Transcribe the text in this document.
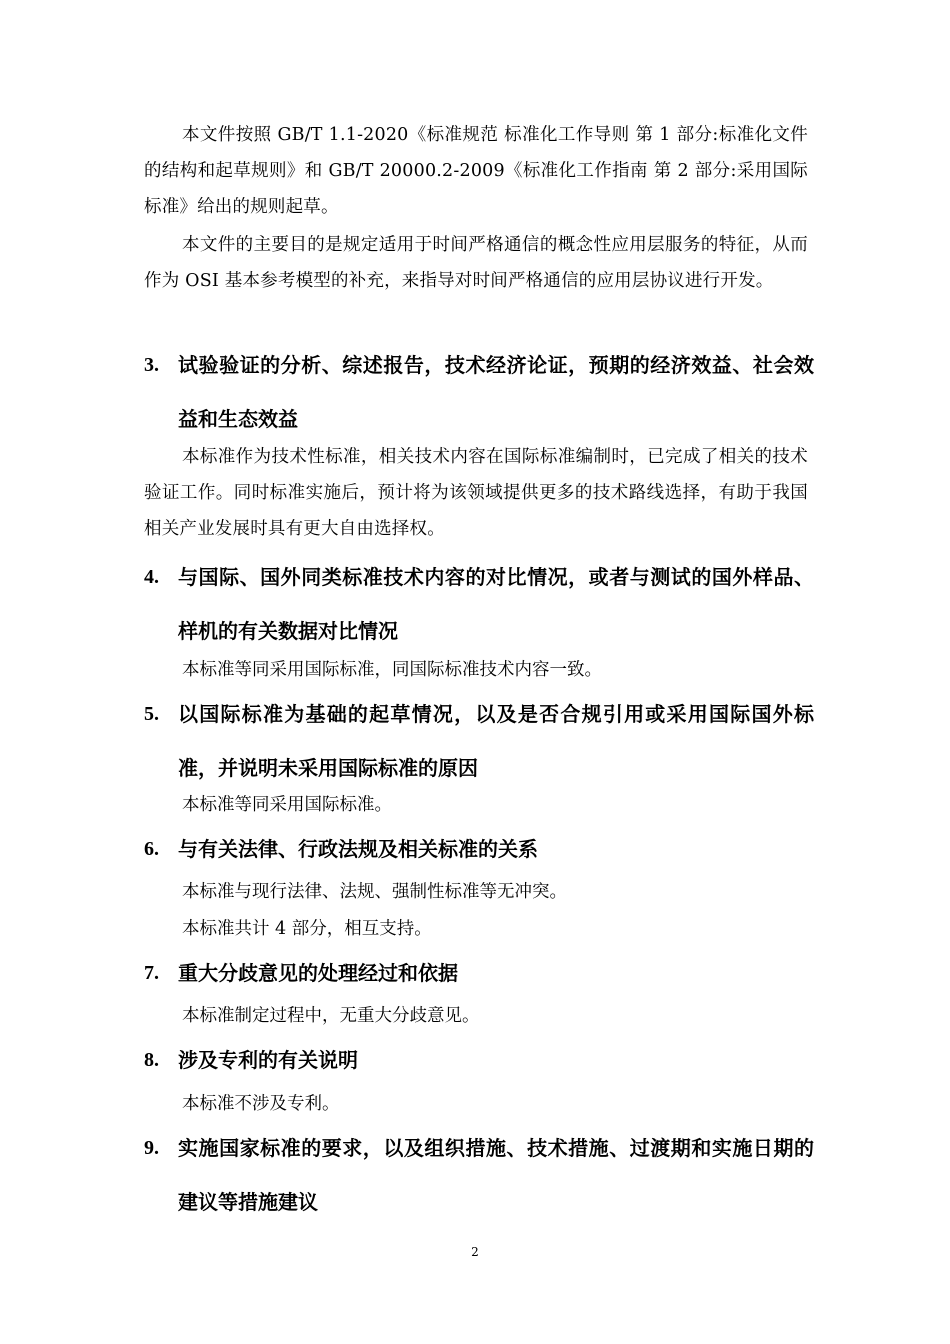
本文件按照 GB/T 1.1-2020《标准规范 标准化工作导则 第 1 部分:标准化文件的结构和起草规则》和 GB/T 20000.2-2009《标准化工作指南 第 2 部分:采用国际标准》给出的规则起草。

本文件的主要目的是规定适用于时间严格通信的概念性应用层服务的特征，从而作为 OSI 基本参考模型的补充，来指导对时间严格通信的应用层协议进行开发。

3. 试验验证的分析、综述报告，技术经济论证，预期的经济效益、社会效益和生态效益

本标准作为技术性标准，相关技术内容在国际标准编制时，已完成了相关的技术验证工作。同时标准实施后，预计将为该领域提供更多的技术路线选择，有助于我国相关产业发展时具有更大自由选择权。

4. 与国际、国外同类标准技术内容的对比情况，或者与测试的国外样品、样机的有关数据对比情况

本标准等同采用国际标准，同国际标准技术内容一致。

5. 以国际标准为基础的起草情况，以及是否合规引用或采用国际国外标准，并说明未采用国际标准的原因

本标准等同采用国际标准。

6. 与有关法律、行政法规及相关标准的关系

本标准与现行法律、法规、强制性标准等无冲突。

本标准共计 4 部分，相互支持。

7. 重大分歧意见的处理经过和依据

本标准制定过程中，无重大分歧意见。

8. 涉及专利的有关说明

本标准不涉及专利。

9. 实施国家标准的要求，以及组织措施、技术措施、过渡期和实施日期的建议等措施建议
2
